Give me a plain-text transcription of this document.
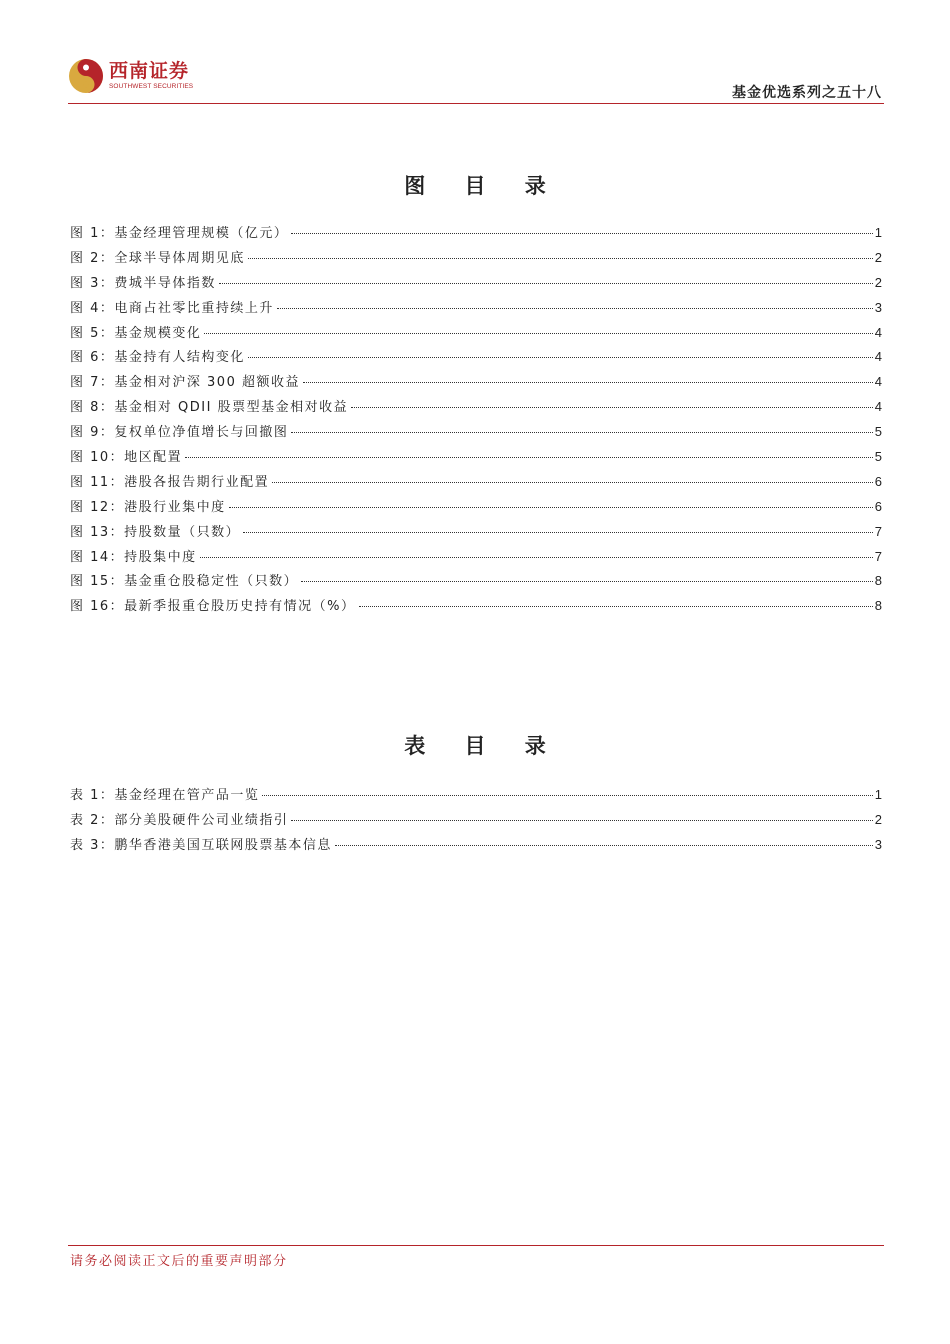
西南证券
SOUTHWEST SECURITIES	基金优选系列之五十八
图 目 录
图 1：基金经理管理规模（亿元）	1
图 2：全球半导体周期见底	2
图 3：费城半导体指数	2
图 4：电商占社零比重持续上升	3
图 5：基金规模变化	4
图 6：基金持有人结构变化	4
图 7：基金相对沪深 300 超额收益	4
图 8：基金相对 QDII 股票型基金相对收益	4
图 9：复权单位净值增长与回撤图	5
图 10：地区配置	5
图 11：港股各报告期行业配置	6
图 12：港股行业集中度	6
图 13：持股数量（只数）	7
图 14：持股集中度	7
图 15：基金重仓股稳定性（只数）	8
图 16：最新季报重仓股历史持有情况（%）	8
表 目 录
表 1：基金经理在管产品一览	1
表 2：部分美股硬件公司业绩指引	2
表 3：鹏华香港美国互联网股票基本信息	3
请务必阅读正文后的重要声明部分
